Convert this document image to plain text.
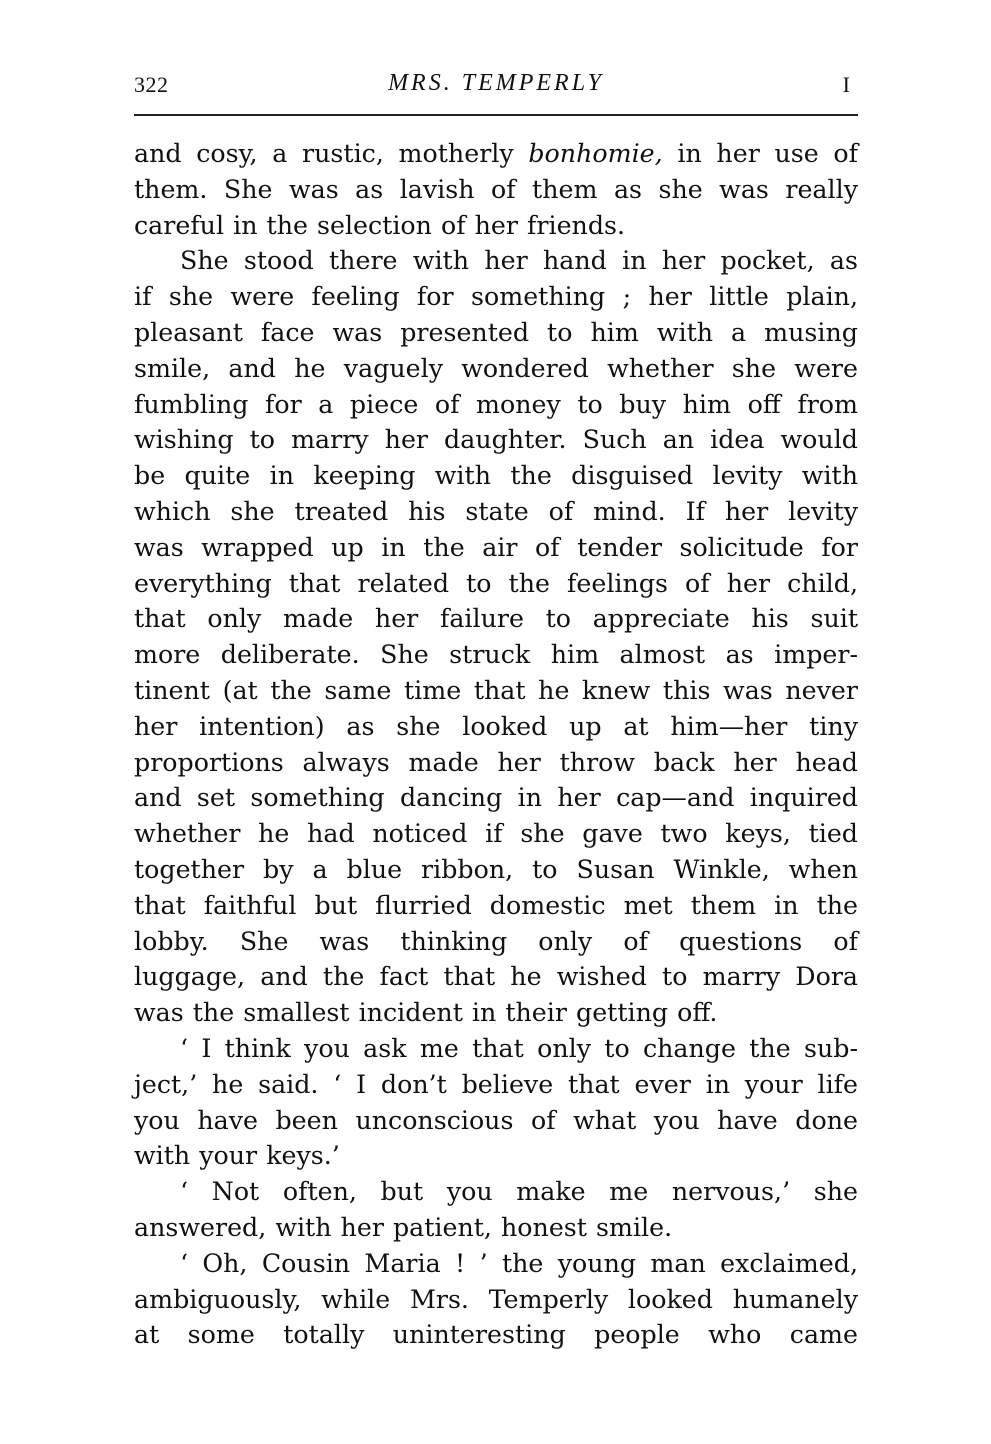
322	MRS. TEMPERLY	I
and cosy, a rustic, motherly bonhomie, in her use of
them. She was as lavish of them as she was really
careful in the selection of her friends.
She stood there with her hand in her pocket, as
if she were feeling for something ; her little plain,
pleasant face was presented to him with a musing
smile, and he vaguely wondered whether she were
fumbling for a piece of money to buy him off from
wishing to marry her daughter. Such an idea would
be quite in keeping with the disguised levity with
which she treated his state of mind. If her levity
was wrapped up in the air of tender solicitude for
everything that related to the feelings of her child,
that only made her failure to appreciate his suit
more deliberate. She struck him almost as imper-
tinent (at the same time that he knew this was never
her intention) as she looked up at him—her tiny
proportions always made her throw back her head
and set something dancing in her cap—and inquired
whether he had noticed if she gave two keys, tied
together by a blue ribbon, to Susan Winkle, when
that faithful but flurried domestic met them in the
lobby. She was thinking only of questions of
luggage, and the fact that he wished to marry Dora
was the smallest incident in their getting off.
‘ I think you ask me that only to change the sub-
ject,’ he said. ‘ I don’t believe that ever in your life
you have been unconscious of what you have done
with your keys.’
‘ Not often, but you make me nervous,’ she
answered, with her patient, honest smile.
‘ Oh, Cousin Maria ! ’ the young man exclaimed,
ambiguously, while Mrs. Temperly looked humanely
at some totally uninteresting people who came
